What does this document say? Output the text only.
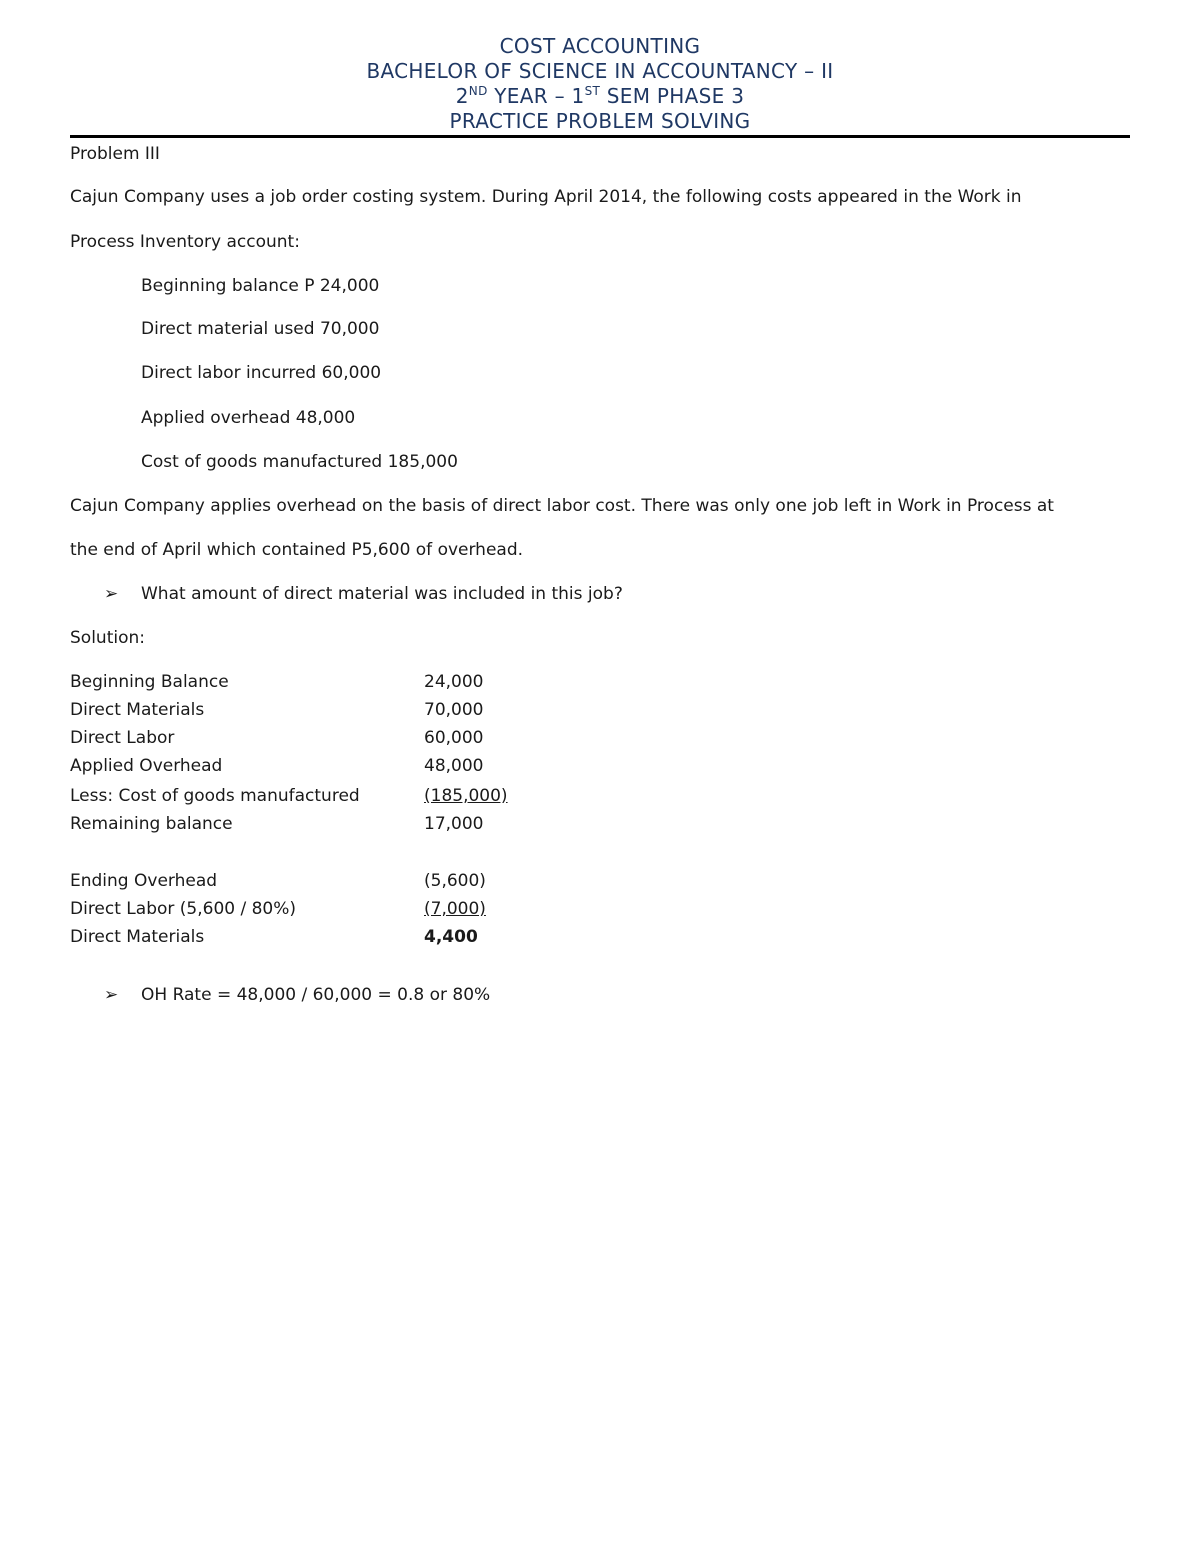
COST ACCOUNTING
BACHELOR OF SCIENCE IN ACCOUNTANCY – II
2ND YEAR – 1ST SEM PHASE 3
PRACTICE PROBLEM SOLVING
Problem III
Cajun Company uses a job order costing system. During April 2014, the following costs appeared in the Work in
Process Inventory account:
Beginning balance P 24,000
Direct material used 70,000
Direct labor incurred 60,000
Applied overhead 48,000
Cost of goods manufactured 185,000
Cajun Company applies overhead on the basis of direct labor cost. There was only one job left in Work in Process at
the end of April which contained P5,600 of overhead.
➢ What amount of direct material was included in this job?
Solution:
Beginning Balance	24,000
Direct Materials	70,000
Direct Labor	60,000
Applied Overhead	48,000
Less: Cost of goods manufactured	(185,000)
Remaining balance	17,000
Ending Overhead	(5,600)
Direct Labor (5,600 / 80%)	(7,000)
Direct Materials	4,400
➢ OH Rate = 48,000 / 60,000 = 0.8 or 80%
